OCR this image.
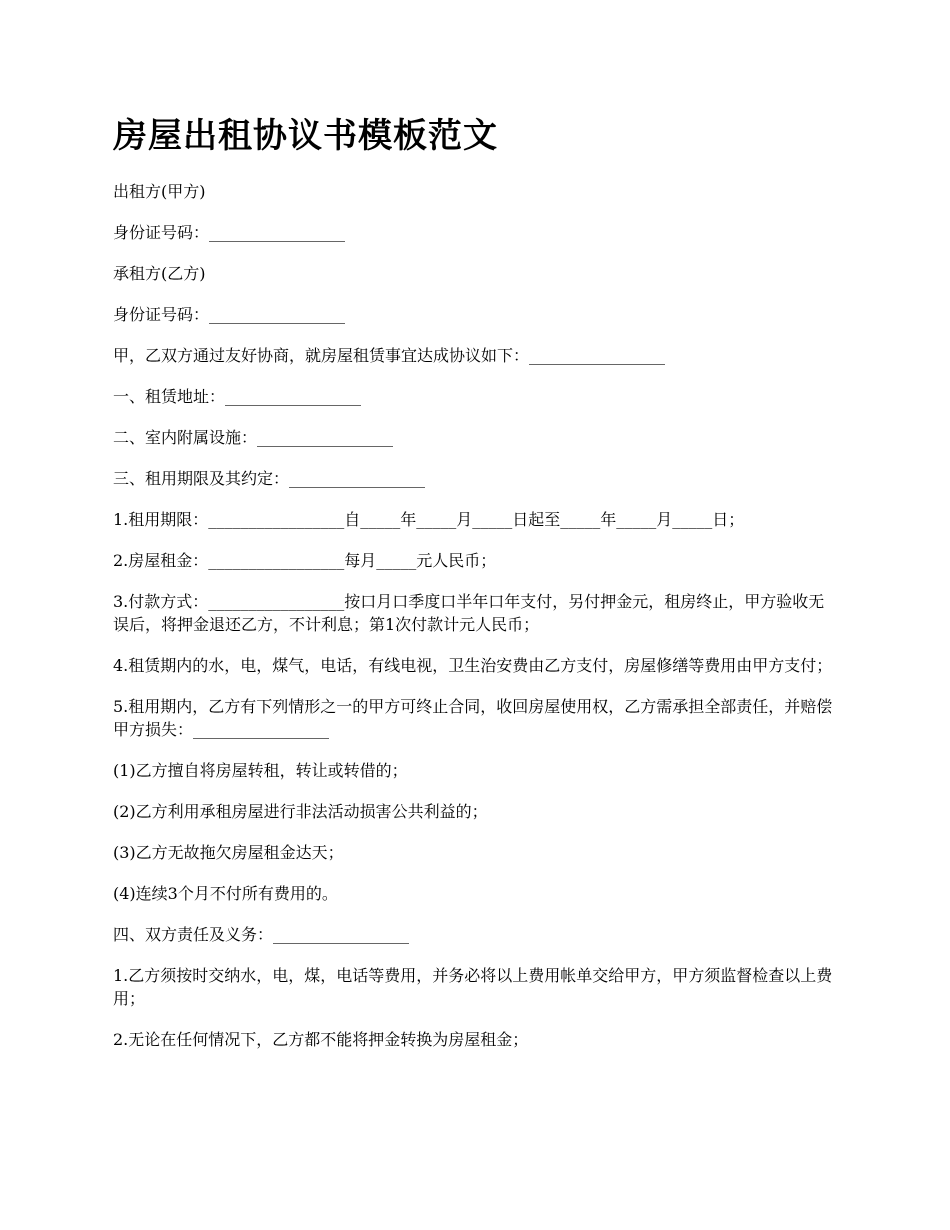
房屋出租协议书模板范文

出租方(甲方)

身份证号码：_________________

承租方(乙方)

身份证号码：_________________

甲，乙双方通过友好协商，就房屋租赁事宜达成协议如下：_________________

一、租赁地址：_________________

二、室内附属设施：_________________

三、租用期限及其约定：_________________

1.租用期限：_________________自_____年_____月_____日起至_____年_____月_____日；

2.房屋租金：_________________每月_____元人民币；

3.付款方式：_________________按口月口季度口半年口年支付，另付押金元，租房终止，甲方验收无误后，将押金退还乙方，不计利息；第1次付款计元人民币；

4.租赁期内的水，电，煤气，电话，有线电视，卫生治安费由乙方支付，房屋修缮等费用由甲方支付；

5.租用期内，乙方有下列情形之一的甲方可终止合同，收回房屋使用权，乙方需承担全部责任，并赔偿甲方损失：_________________

(1)乙方擅自将房屋转租，转让或转借的；

(2)乙方利用承租房屋进行非法活动损害公共利益的；

(3)乙方无故拖欠房屋租金达天；

(4)连续3个月不付所有费用的。

四、双方责任及义务：_________________

1.乙方须按时交纳水，电，煤，电话等费用，并务必将以上费用帐单交给甲方，甲方须监督检查以上费用；

2.无论在任何情况下，乙方都不能将押金转换为房屋租金；
